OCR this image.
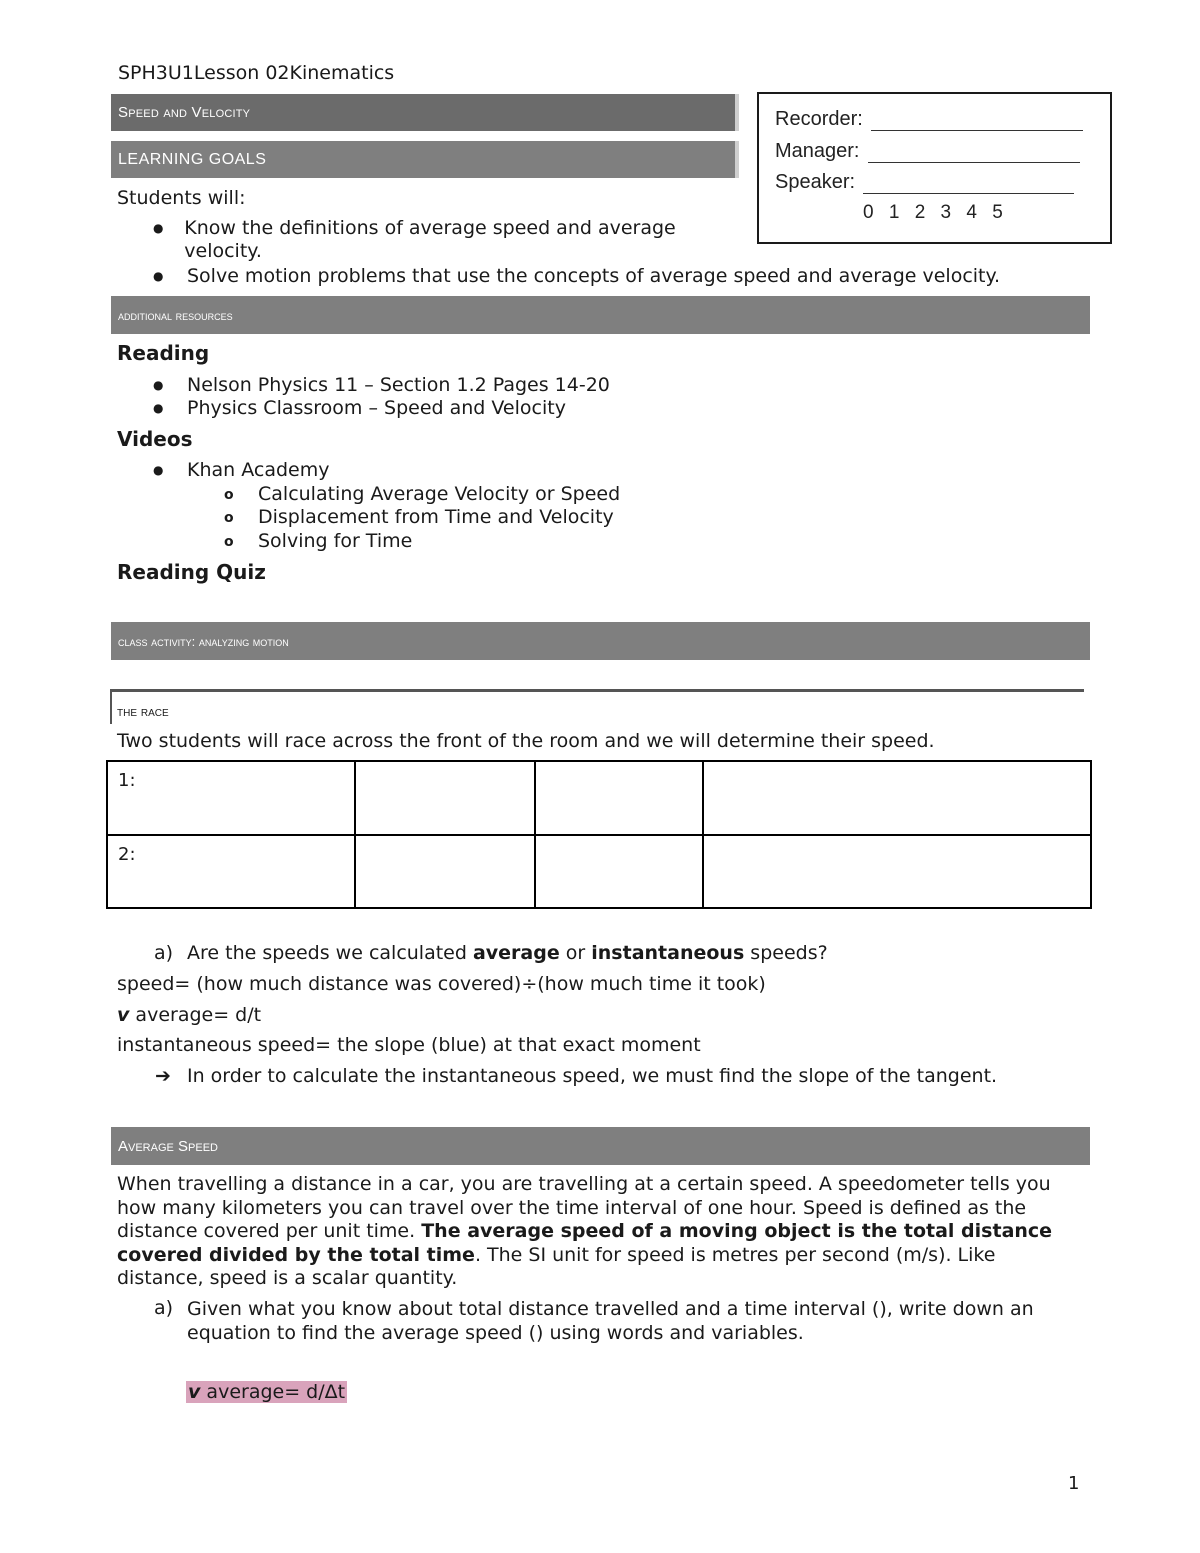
SPH3U1Lesson 02Kinematics
Speed and Velocity
LEARNING GOALS
Recorder:
Manager:
Speaker:
0 1 2 3 4 5
Students will:
●	Know the definitions of average speed and average velocity.
●	Solve motion problems that use the concepts of average speed and average velocity.
additional resources
Reading
●	Nelson Physics 11 – Section 1.2 Pages 14-20
●	Physics Classroom – Speed and Velocity
Videos
●	Khan Academy
o	Calculating Average Velocity or Speed
o	Displacement from Time and Velocity
o	Solving for Time
Reading Quiz
class activity: analyzing motion
the race
Two students will race across the front of the room and we will determine their speed.
1:			
2:			
a) Are the speeds we calculated average or instantaneous speeds?
speed= (how much distance was covered)÷(how much time it took)
v average= d/t
instantaneous speed= the slope (blue) at that exact moment
➔ In order to calculate the instantaneous speed, we must find the slope of the tangent.
Average Speed
When travelling a distance in a car, you are travelling at a certain speed. A speedometer tells you how many kilometers you can travel over the time interval of one hour. Speed is defined as the distance covered per unit time. The average speed of a moving object is the total distance covered divided by the total time. The SI unit for speed is metres per second (m/s). Like distance, speed is a scalar quantity.
a) Given what you know about total distance travelled and a time interval (), write down an equation to find the average speed () using words and variables.
v average= d/Δt
1
